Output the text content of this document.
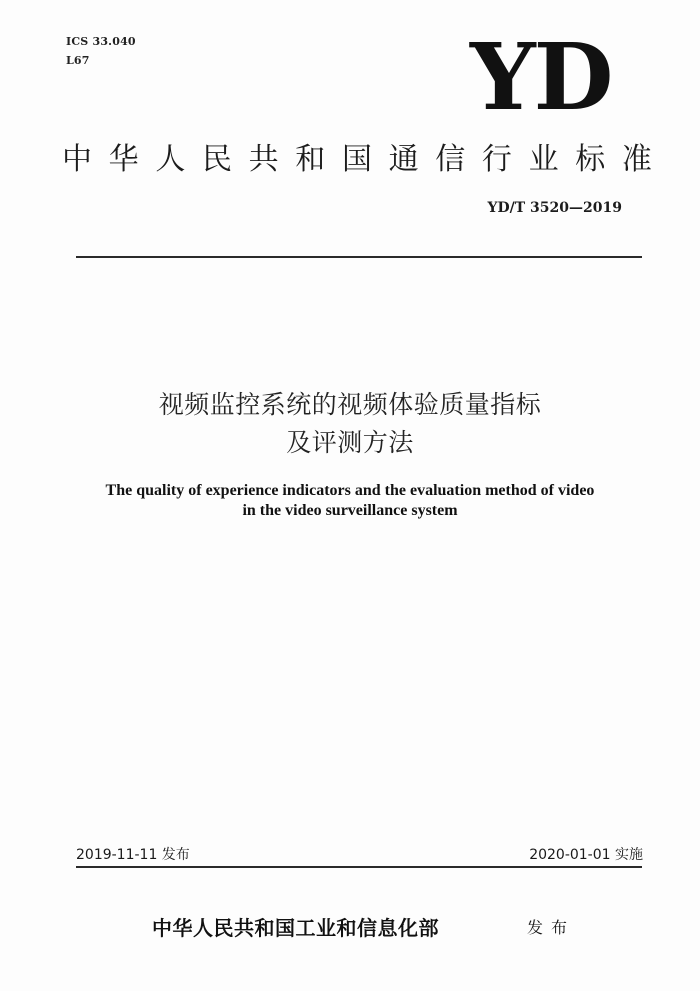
ICS 33.040
L67	YD
中 华 人 民 共 和 国 通 信 行 业 标 准
YD/T 3520—2019
视频监控系统的视频体验质量指标
及评测方法
The quality of experience indicators and the evaluation method of video
in the video surveillance system
2019-11-11 发布	2020-01-01 实施
中华人民共和国工业和信息化部	发布
